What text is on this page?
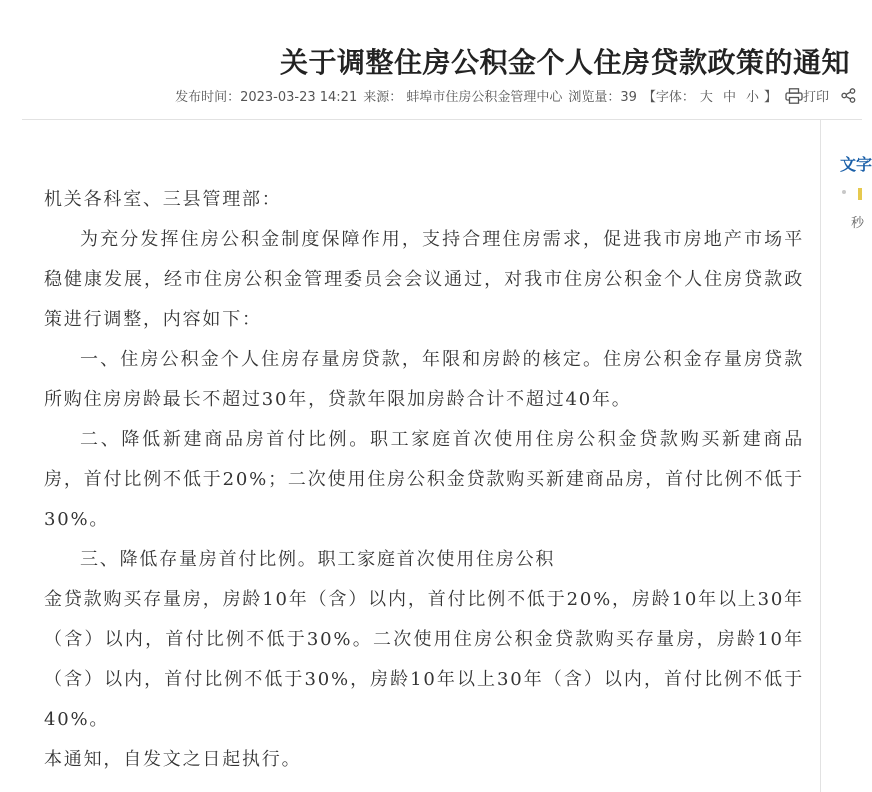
关于调整住房公积金个人住房贷款政策的通知
发布时间：2023-03-23 14:21 来源： 蚌埠市住房公积金管理中心 浏览量：39 【字体： 大 中 小 】 打印
文字
秒

机关各科室、三县管理部：

为充分发挥住房公积金制度保障作用，支持合理住房需求，促进我市房地产市场平稳健康发展，经市住房公积金管理委员会会议通过，对我市住房公积金个人住房贷款政策进行调整，内容如下：

一、住房公积金个人住房存量房贷款，年限和房龄的核定。住房公积金存量房贷款所购住房房龄最长不超过30年，贷款年限加房龄合计不超过40年。

二、降低新建商品房首付比例。职工家庭首次使用住房公积金贷款购买新建商品房，首付比例不低于20%；二次使用住房公积金贷款购买新建商品房，首付比例不低于30%。

三、降低存量房首付比例。职工家庭首次使用住房公积

金贷款购买存量房，房龄10年（含）以内，首付比例不低于20%，房龄10年以上30年（含）以内，首付比例不低于30%。二次使用住房公积金贷款购买存量房，房龄10年（含）以内，首付比例不低于30%，房龄10年以上30年（含）以内，首付比例不低于40%。

本通知，自发文之日起执行。
